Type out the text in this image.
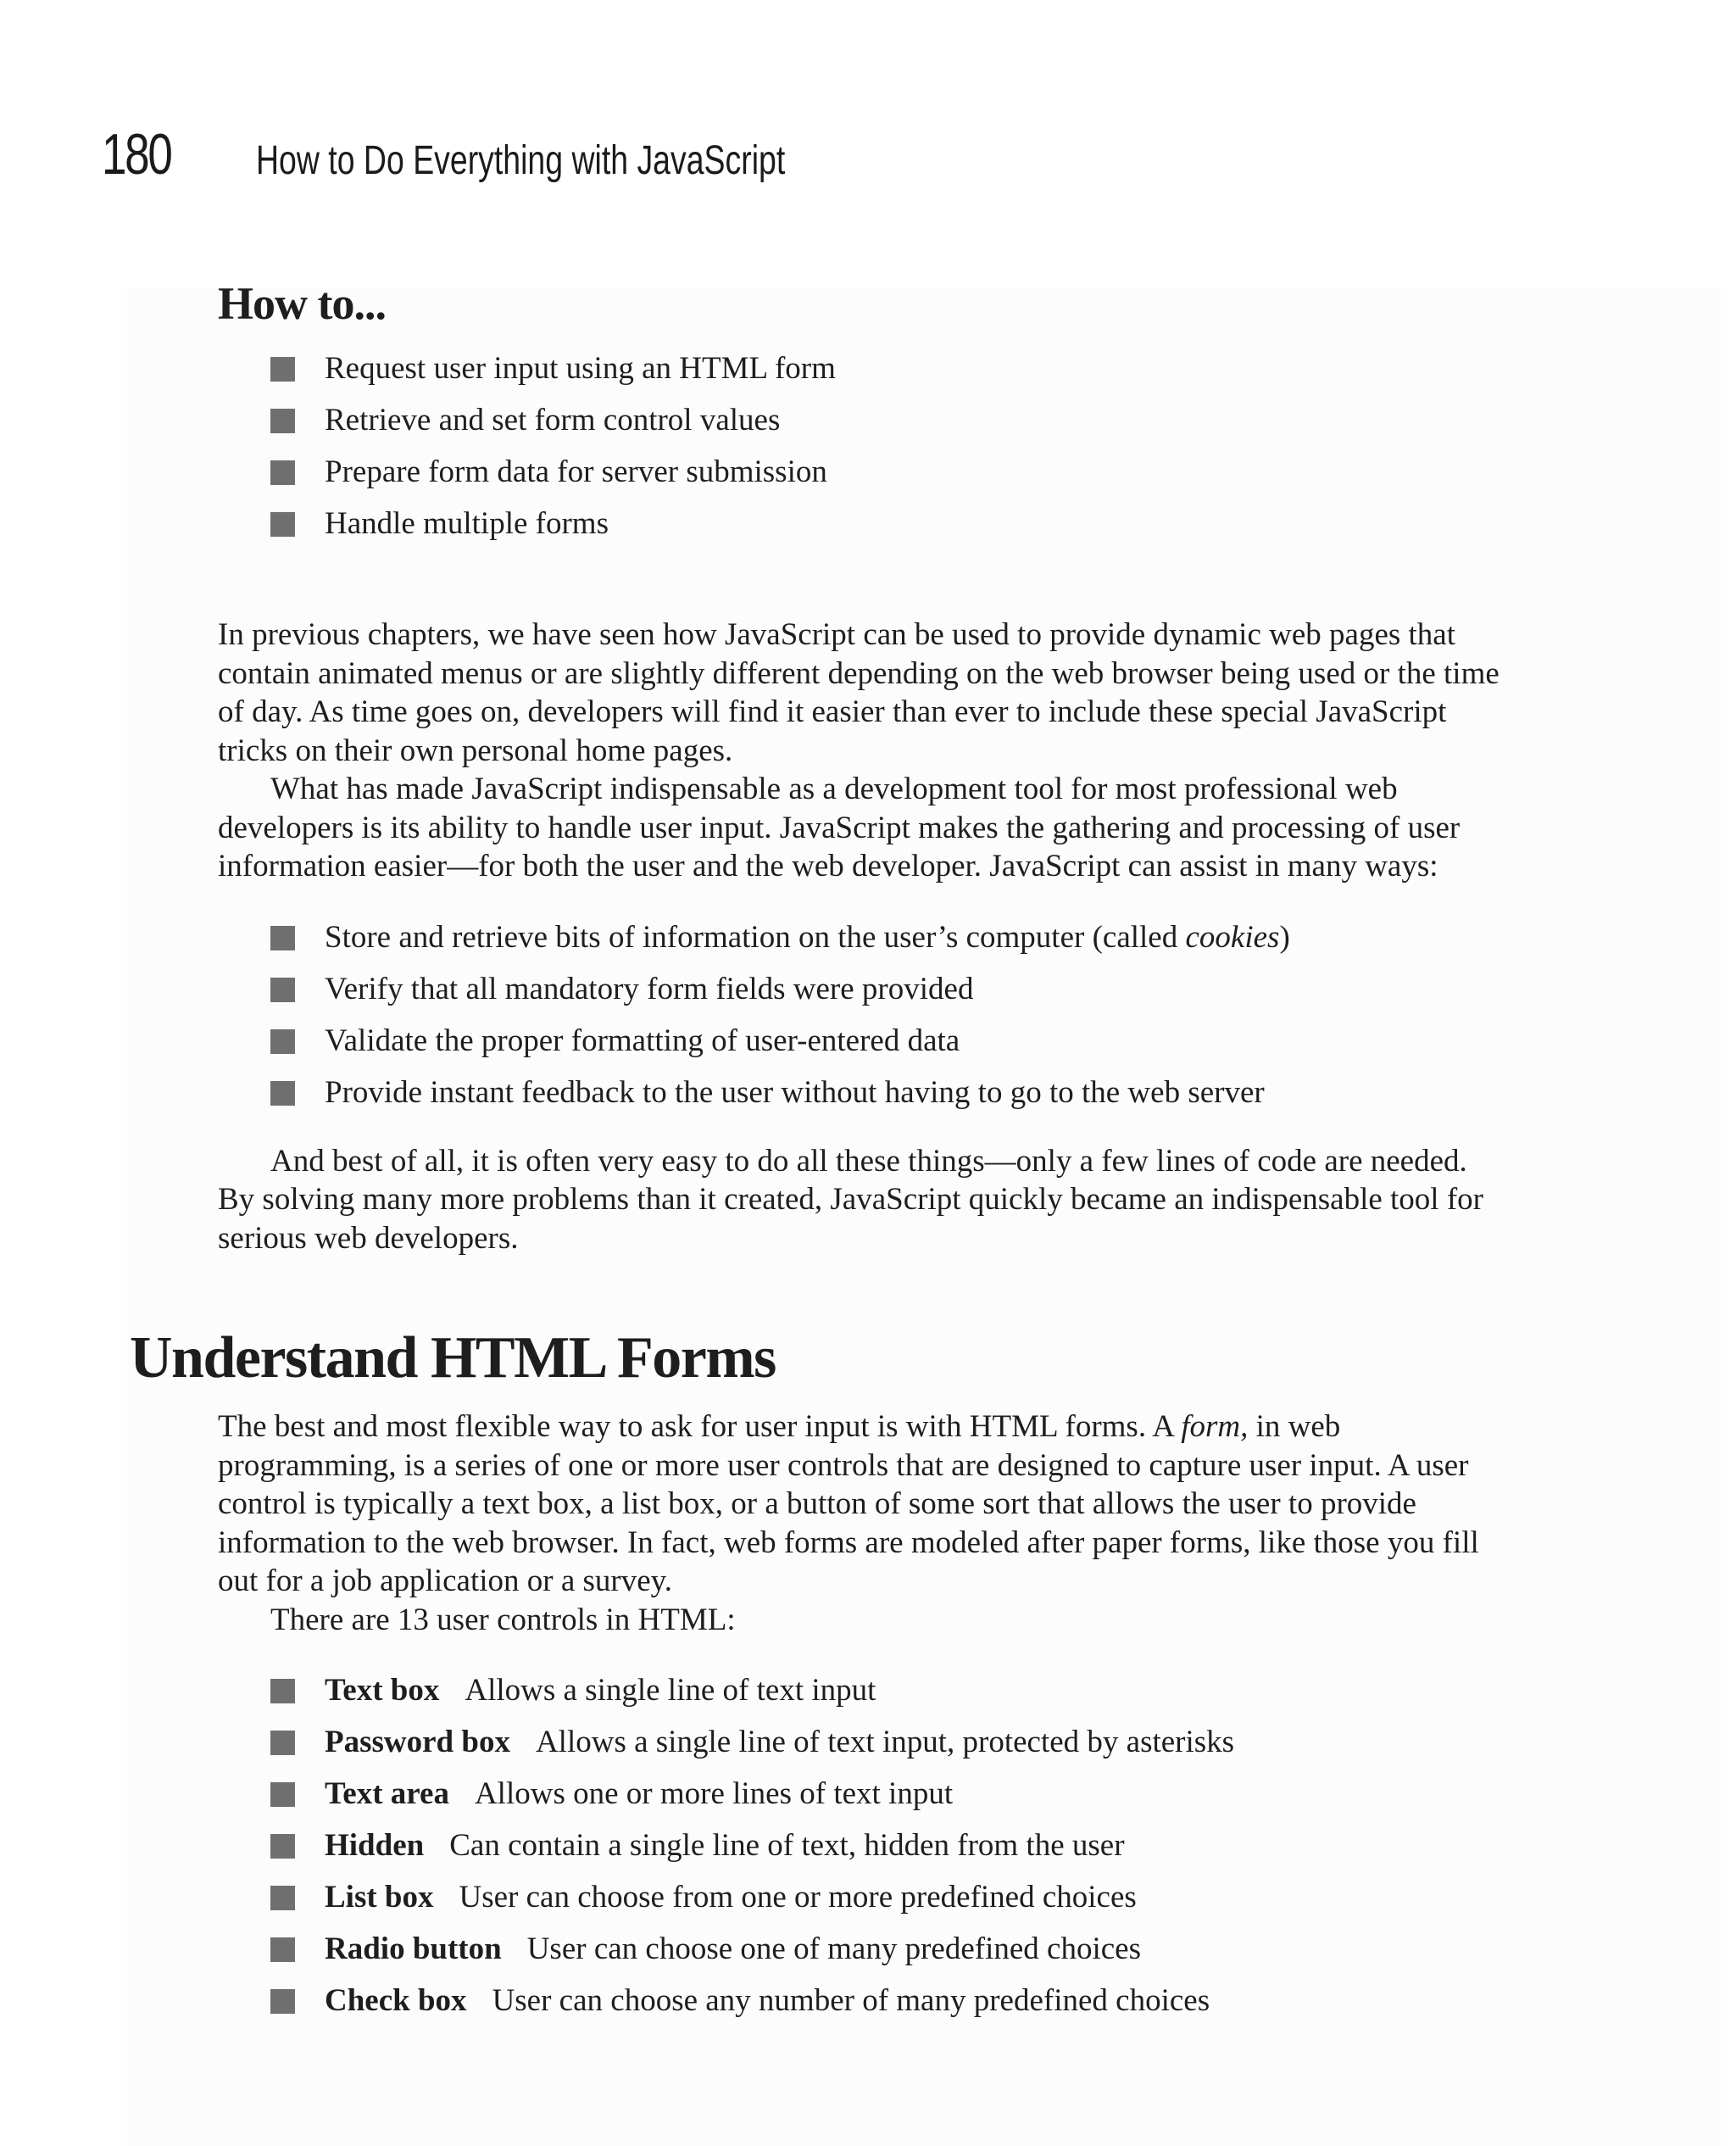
180 How to Do Everything with JavaScript
How to...
Request user input using an HTML form
Retrieve and set form control values
Prepare form data for server submission
Handle multiple forms

In previous chapters, we have seen how JavaScript can be used to provide dynamic web pages that contain animated menus or are slightly different depending on the web browser being used or the time of day. As time goes on, developers will find it easier than ever to include these special JavaScript tricks on their own personal home pages.

What has made JavaScript indispensable as a development tool for most professional web developers is its ability to handle user input. JavaScript makes the gathering and processing of user information easier—for both the user and the web developer. JavaScript can assist in many ways:

Store and retrieve bits of information on the user’s computer (called cookies)
Verify that all mandatory form fields were provided
Validate the proper formatting of user-entered data
Provide instant feedback to the user without having to go to the web server

And best of all, it is often very easy to do all these things—only a few lines of code are needed. By solving many more problems than it created, JavaScript quickly became an indispensable tool for serious web developers.

Understand HTML Forms

The best and most flexible way to ask for user input is with HTML forms. A form, in web programming, is a series of one or more user controls that are designed to capture user input. A user control is typically a text box, a list box, or a button of some sort that allows the user to provide information to the web browser. In fact, web forms are modeled after paper forms, like those you fill out for a job application or a survey.

There are 13 user controls in HTML:

Text box Allows a single line of text input
Password box Allows a single line of text input, protected by asterisks
Text area Allows one or more lines of text input
Hidden Can contain a single line of text, hidden from the user
List box User can choose from one or more predefined choices
Radio button User can choose one of many predefined choices
Check box User can choose any number of many predefined choices
